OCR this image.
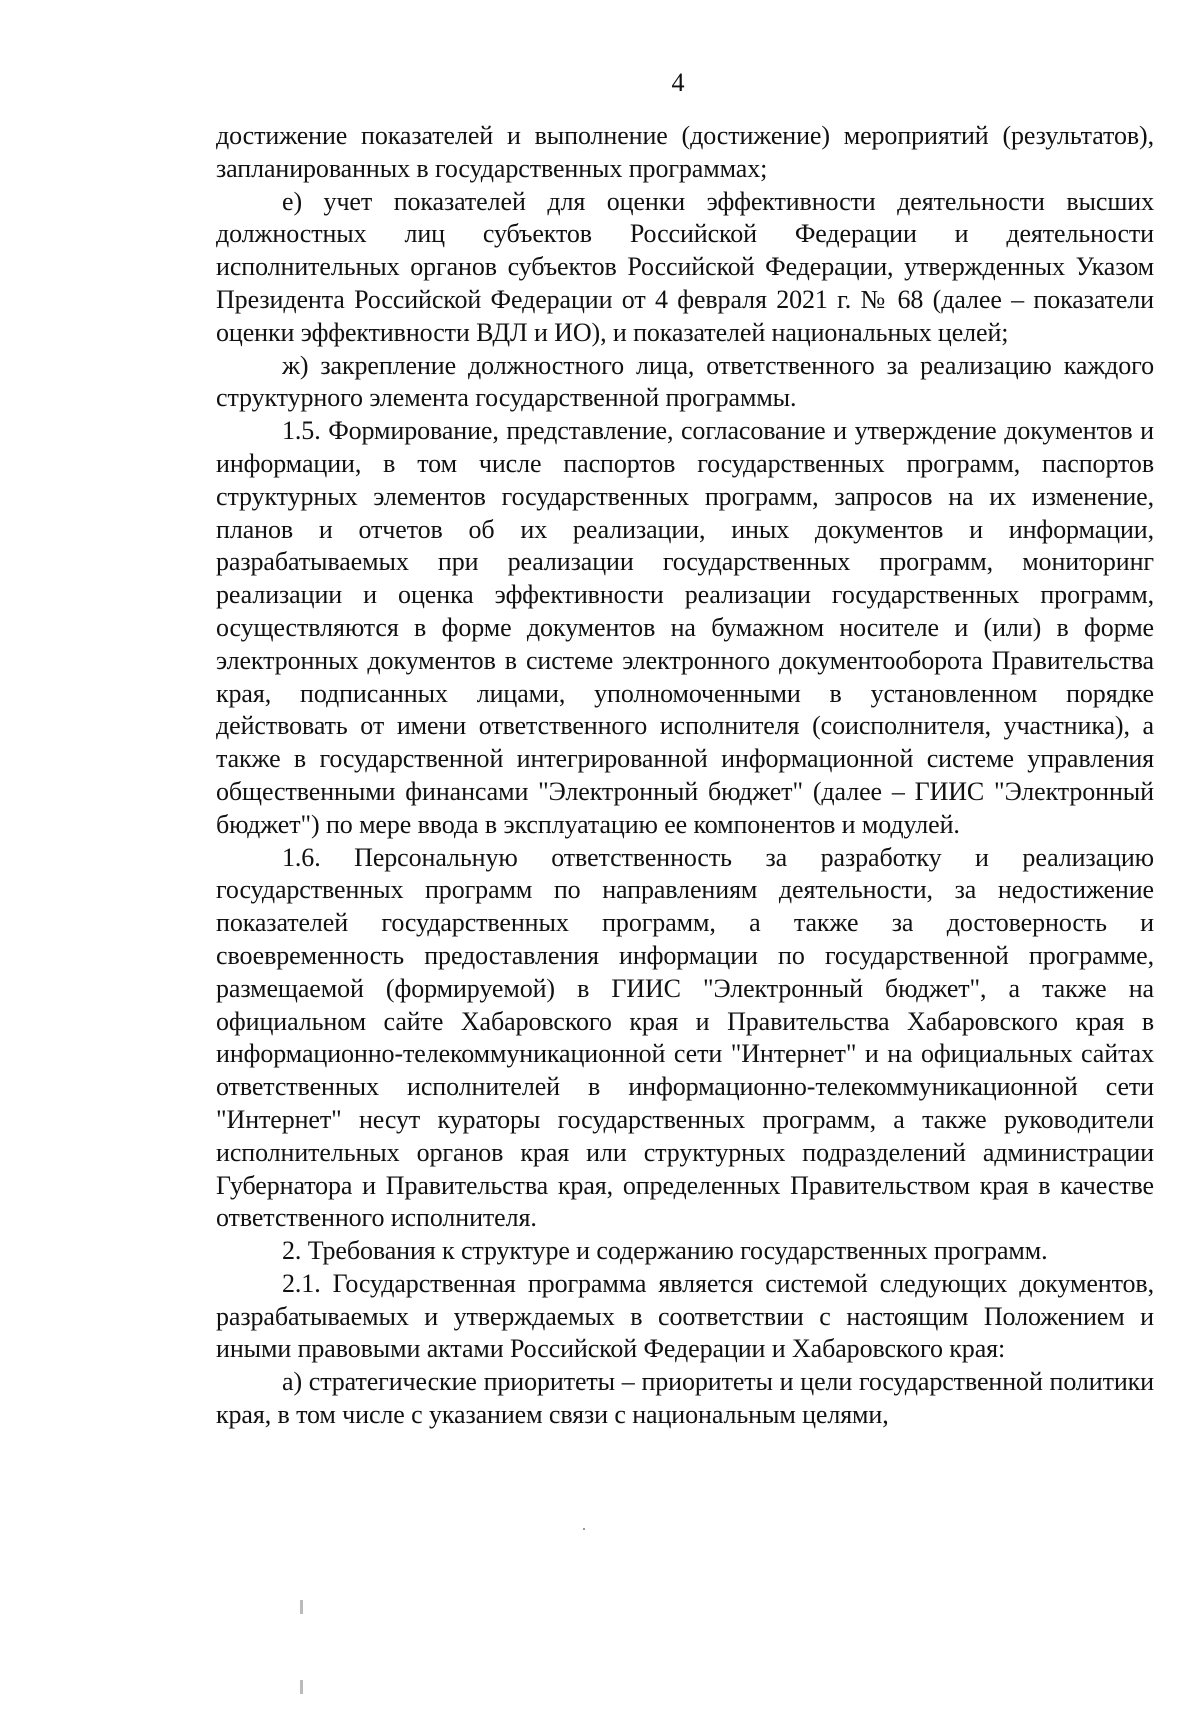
4

достижение показателей и выполнение (достижение) мероприятий (результатов), запланированных в государственных программах;

е) учет показателей для оценки эффективности деятельности высших должностных лиц субъектов Российской Федерации и деятельности исполнительных органов субъектов Российской Федерации, утвержденных Указом Президента Российской Федерации от 4 февраля 2021 г. № 68 (далее – показатели оценки эффективности ВДЛ и ИО), и показателей национальных целей;

ж) закрепление должностного лица, ответственного за реализацию каждого структурного элемента государственной программы.

1.5. Формирование, представление, согласование и утверждение документов и информации, в том числе паспортов государственных программ, паспортов структурных элементов государственных программ, запросов на их изменение, планов и отчетов об их реализации, иных документов и информации, разрабатываемых при реализации государственных программ, мониторинг реализации и оценка эффективности реализации государственных программ, осуществляются в форме документов на бумажном носителе и (или) в форме электронных документов в системе электронного документооборота Правительства края, подписанных лицами, уполномоченными в установленном порядке действовать от имени ответственного исполнителя (соисполнителя, участника), а также в государственной интегрированной информационной системе управления общественными финансами "Электронный бюджет" (далее – ГИИС "Электронный бюджет") по мере ввода в эксплуатацию ее компонентов и модулей.

1.6. Персональную ответственность за разработку и реализацию государственных программ по направлениям деятельности, за недостижение показателей государственных программ, а также за достоверность и своевременность предоставления информации по государственной программе, размещаемой (формируемой) в ГИИС "Электронный бюджет", а также на официальном сайте Хабаровского края и Правительства Хабаровского края в информационно-телекоммуникационной сети "Интернет" и на официальных сайтах ответственных исполнителей в информационно-телекоммуникационной сети "Интернет" несут кураторы государственных программ, а также руководители исполнительных органов края или структурных подразделений администрации Губернатора и Правительства края, определенных Правительством края в качестве ответственного исполнителя.

2. Требования к структуре и содержанию государственных программ.

2.1. Государственная программа является системой следующих документов, разрабатываемых и утверждаемых в соответствии с настоящим Положением и иными правовыми актами Российской Федерации и Хабаровского края:

а) стратегические приоритеты – приоритеты и цели государственной политики края, в том числе с указанием связи с национальным целями,
